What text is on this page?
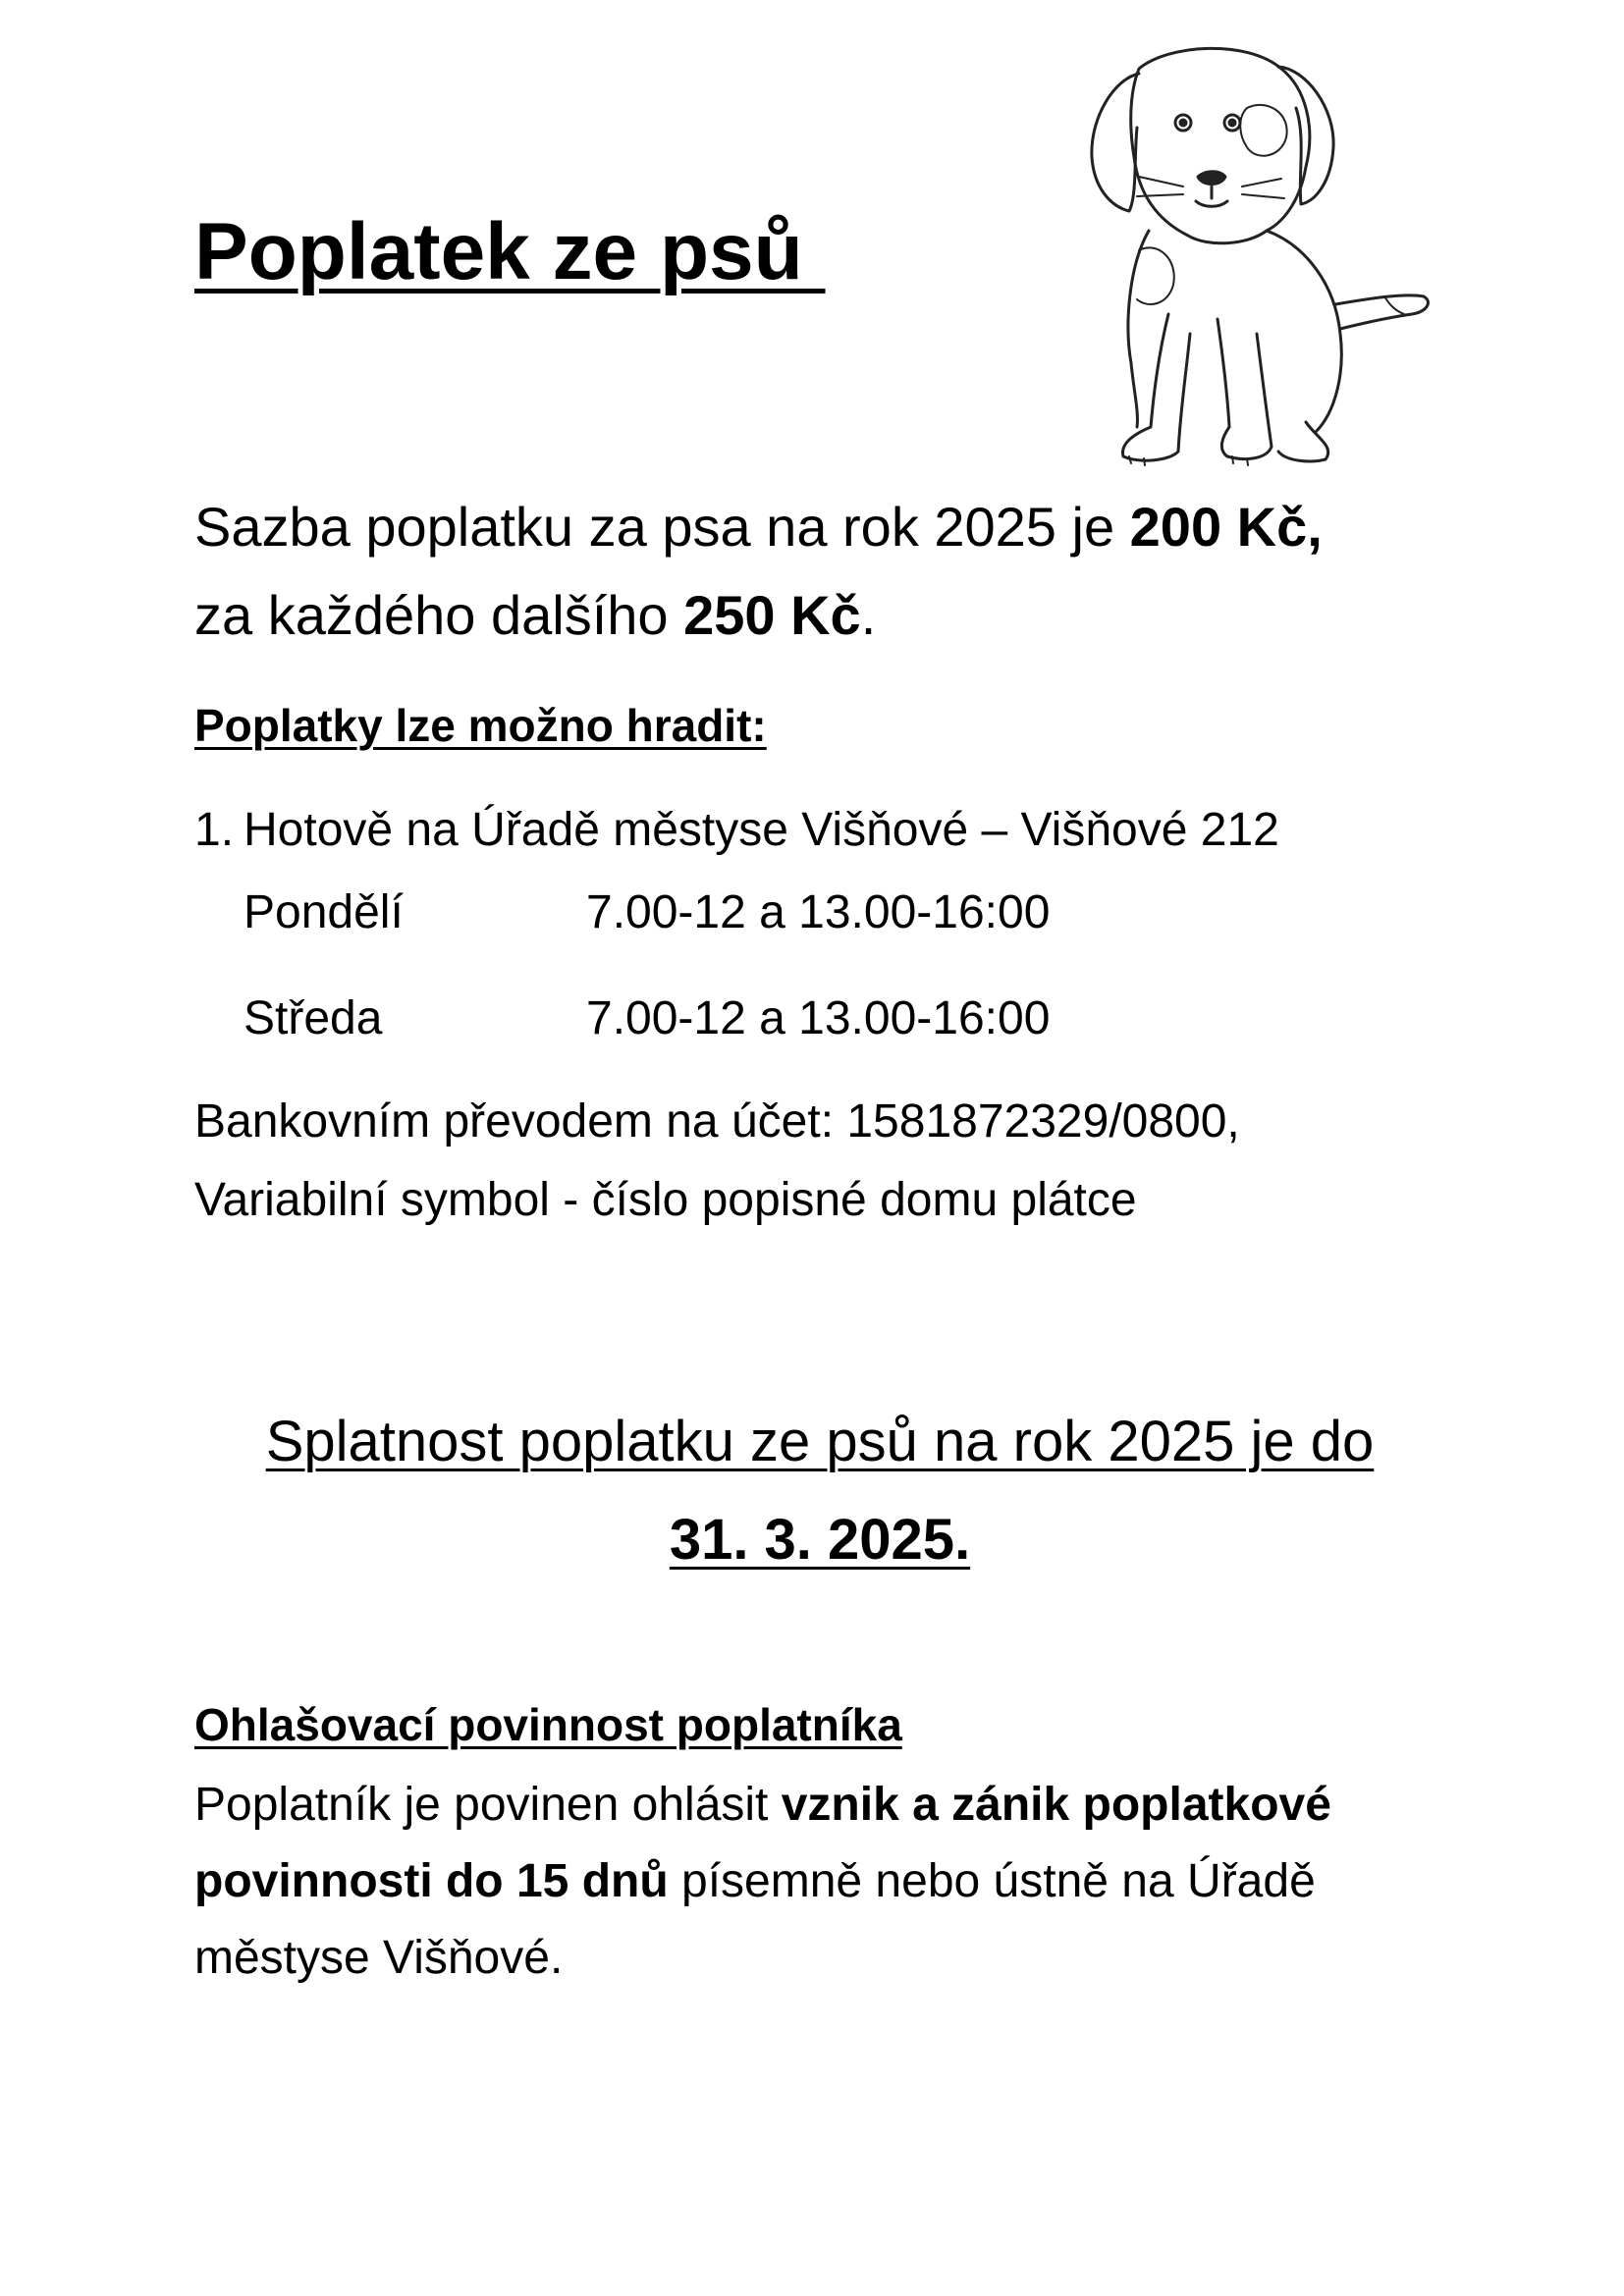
Poplatek ze psů
Sazba poplatku za psa na rok 2025 je 200 Kč,
za každého dalšího 250 Kč.
Poplatky lze možno hradit:
1. Hotově na Úřadě městyse Višňové – Višňové 212
Pondělí	7.00-12 a 13.00-16:00
Středa	7.00-12 a 13.00-16:00
Bankovním převodem na účet: 1581872329/0800,
Variabilní symbol - číslo popisné domu plátce
Splatnost poplatku ze psů na rok 2025 je do
31. 3. 2025.
Ohlašovací povinnost poplatníka
Poplatník je povinen ohlásit vznik a zánik poplatkové povinnosti do 15 dnů písemně nebo ústně na Úřadě městyse Višňové.
